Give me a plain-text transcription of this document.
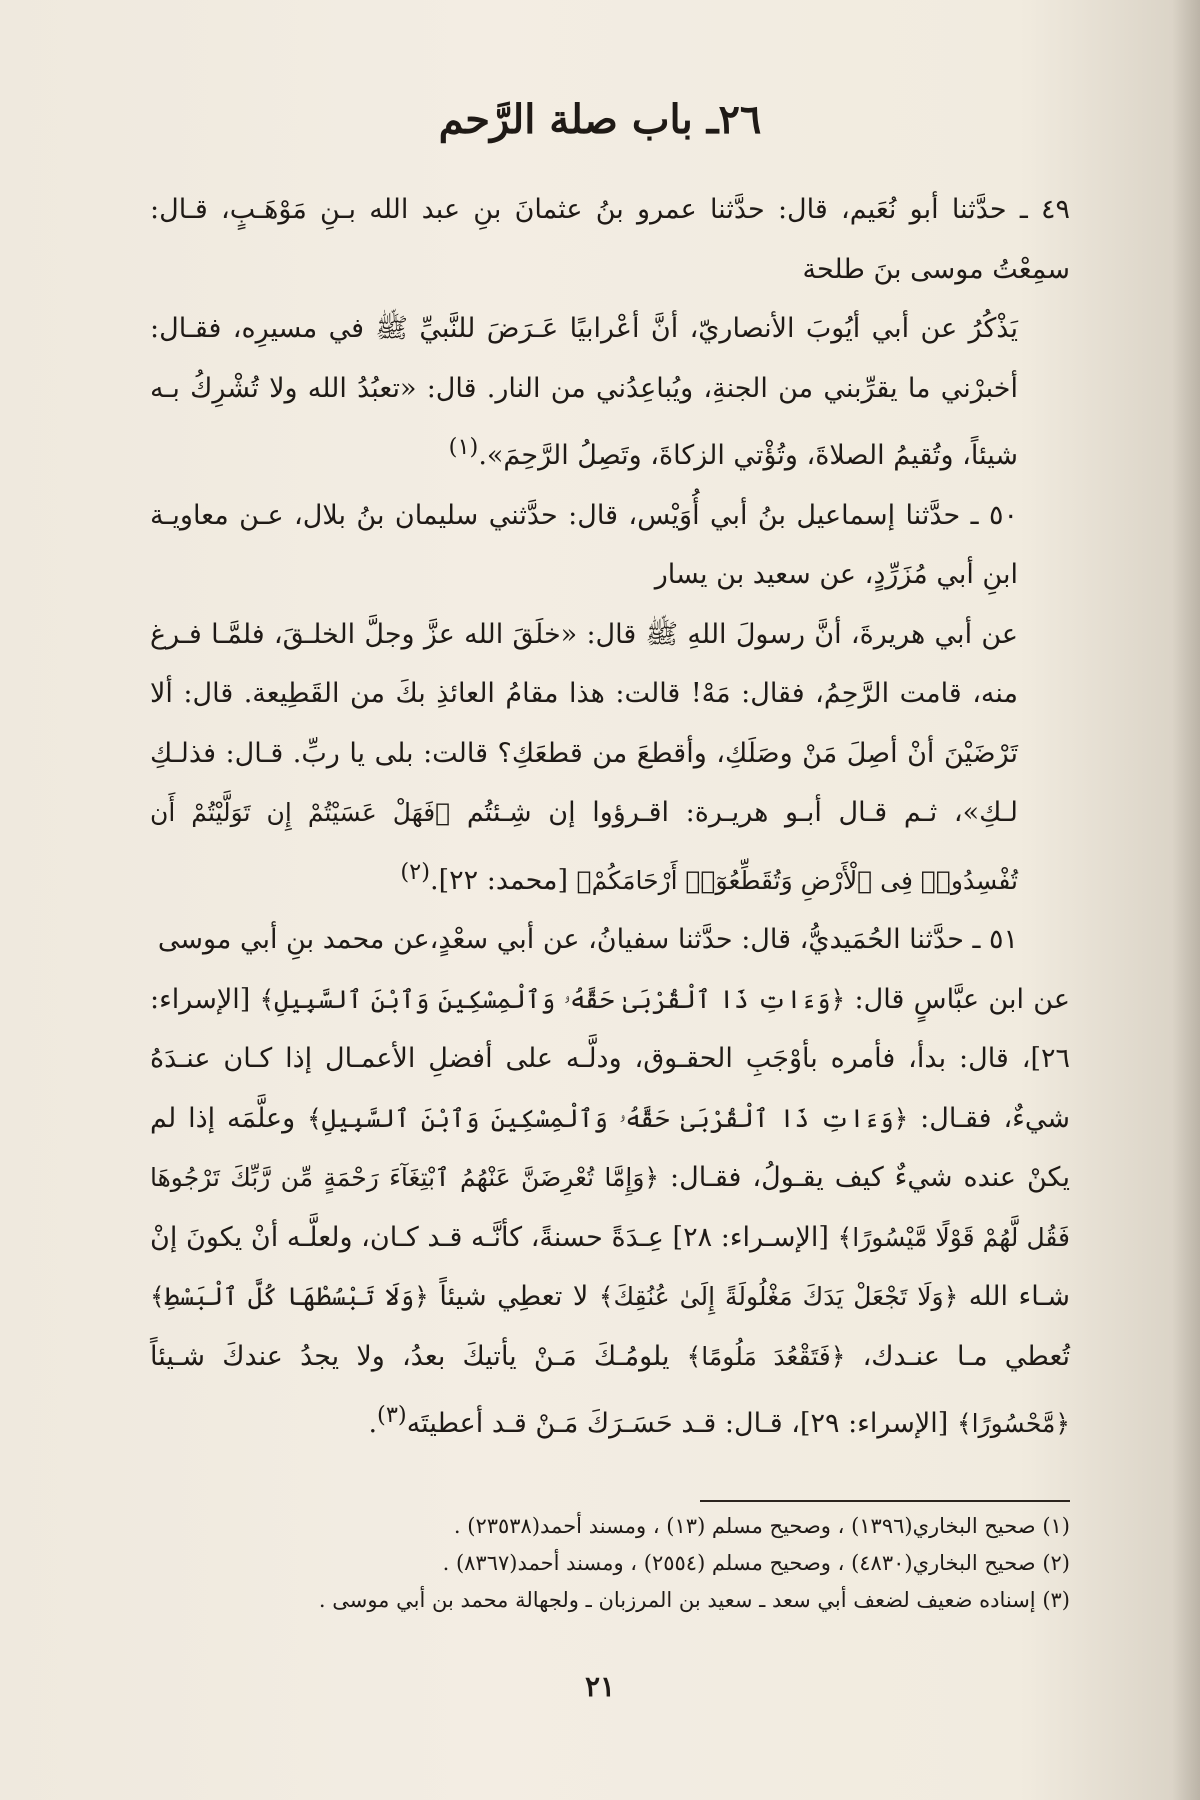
٢٦ـ باب صلة الرَّحم

٤٩ ـ حدَّثنا أبو نُعَيم، قال: حدَّثنا عمرو بنُ عثمانَ بنِ عبد الله بـنِ مَوْهَـبٍ، قـال: سمِعْتُ موسى بنَ طلحة

يَذْكُرُ عن أبي أيُوبَ الأنصاريّ، أنَّ أعْرابيًا عَـرَضَ للنَّبيِّ ﷺ في مسيرِه، فقـال: أخبرْني ما يقرِّبني من الجنةِ، ويُباعِدُني من النار. قال: «تعبُدُ الله ولا تُشْرِكُ بـه شيئاً، وتُقيمُ الصلاةَ، وتُؤْتي الزكاةَ، وتَصِلُ الرَّحِمَ».$^{(١)}$

٥٠ ـ حدَّثنا إسماعيل بنُ أبي أُوَيْس، قال: حدَّثني سليمان بنُ بلال، عـن معاويـة ابنِ أبي مُزَرِّدٍ، عن سعيد بن يسار

عن أبي هريرةَ، أنَّ رسولَ اللهِ ﷺ قال: «خلَقَ الله عزَّ وجلَّ الخلـقَ، فلمَّـا فـرغ منه، قامت الرَّحِمُ، فقال: مَهْ! قالت: هذا مقامُ العائذِ بكَ من القَطِيعة. قال: ألا تَرْضَيْنَ أنْ أصِلَ مَنْ وصَلَكِ، وأقطعَ من قطعَكِ؟ قالت: بلى يا ربِّ. قـال: فذلـكِ لـكِ»، ثـم قـال أبـو هريـرة: اقـرؤوا إن شِـئتُم ﴿فَهَلْ عَسَيْتُمْ إِن تَوَلَّيْتُمْ أَن تُفْسِدُوا۟ فِى ٱلْأَرْضِ وَتُقَطِّعُوٓا۟ أَرْحَامَكُمْ﴾ [محمد: ٢٢].$^{(٢)}$

٥١ ـ حدَّثنا الحُمَيديُّ، قال: حدَّثنا سفيانُ، عن أبي سعْدٍ،عن محمد بنِ أبي موسى

عن ابن عبَّاسٍ قال: ﴿وَءَاتِ ذَا ٱلْقُرْبَىٰ حَقَّهُۥ وَٱلْمِسْكِينَ وَٱبْنَ ٱلسَّبِيلِ﴾ [الإسراء: ٢٦]، قال: بدأ، فأمره بأوْجَبِ الحقـوق، ودلَّـه على أفضلِ الأعمـال إذا كـان عنـدَهُ شيءٌ، فقـال: ﴿وَءَاتِ ذَا ٱلْقُرْبَىٰ حَقَّهُۥ وَٱلْمِسْكِينَ وَٱبْنَ ٱلسَّبِيلِ﴾ وعلَّمَه إذا لم يكنْ عنده شيءٌ كيف يقـولُ، فقـال: ﴿وَإِمَّا تُعْرِضَنَّ عَنْهُمُ ٱبْتِغَآءَ رَحْمَةٍ مِّن رَّبِّكَ تَرْجُوهَا فَقُل لَّهُمْ قَوْلًا مَّيْسُورًا﴾ [الإسـراء: ٢٨] عِـدَةً حسنةً، كأنَّـه قـد كـان، ولعلَّـه أنْ يكونَ إنْ شـاء الله ﴿وَلَا تَجْعَلْ يَدَكَ مَغْلُولَةً إِلَىٰ عُنُقِكَ﴾ لا تعطِي شيئاً ﴿وَلَا تَبْسُطْهَا كُلَّ ٱلْبَسْطِ﴾ تُعطي مـا عنـدك، ﴿فَتَقْعُدَ مَلُومًا﴾ يلومُـكَ مَـنْ يأتيكَ بعدُ، ولا يجدُ عندكَ شـيئاً ﴿مَّحْسُورًا﴾ [الإسراء: ٢٩]، قـال: قـد حَسَـرَكَ مَـنْ قـد أعطيتَه$^{(٣)}$.

(١) صحيح البخاري(١٣٩٦) ، وصحيح مسلم (١٣) ، ومسند أحمد(٢٣٥٣٨) .

(٢) صحيح البخاري(٤٨٣٠) ، وصحيح مسلم (٢٥٥٤) ، ومسند أحمد(٨٣٦٧) .

(٣) إسناده ضعيف لضعف أبي سعد ـ سعيد بن المرزبان ـ ولجهالة محمد بن أبي موسى .

٢١
